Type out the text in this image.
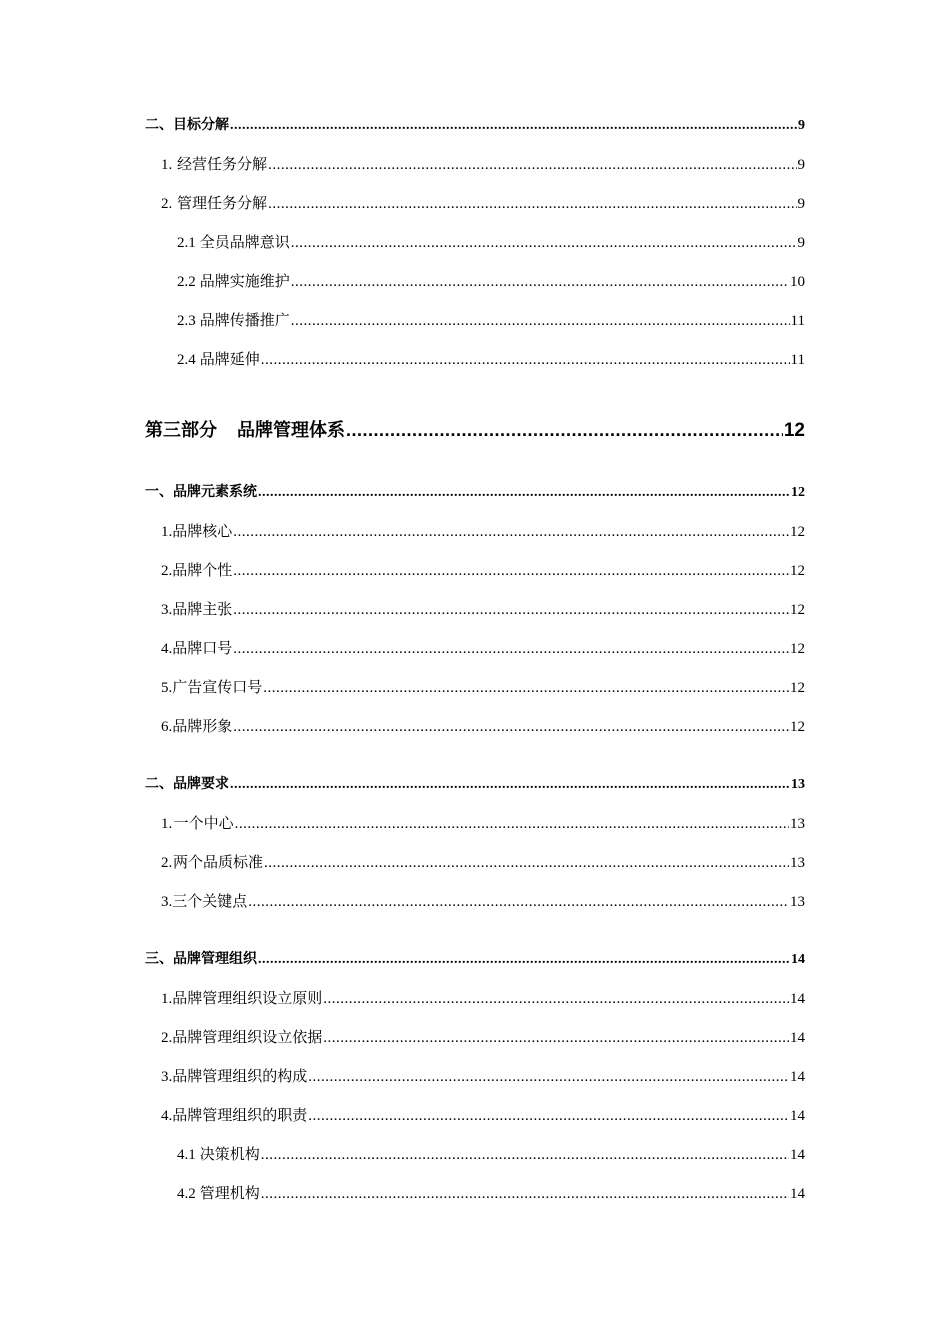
二、 目标分解 .....	9
1. 经营任务分解 .....	9
2. 管理任务分解 .....	9
2.1 全员品牌意识 .....	9
2.2 品牌实施维护 .....	10
2.3 品牌传播推广 .....	11
2.4 品牌延伸 .....	11
第三部分 品牌管理体系 .....	12
一、 品牌元素系统 .....	12
1. 品牌核心 .....	12
2. 品牌个性 .....	12
3. 品牌主张 .....	12
4. 品牌口号 .....	12
5. 广告宣传口号 .....	12
6. 品牌形象 .....	12
二、 品牌要求 .....	13
1. 一个中心 .....	13
2. 两个品质标准 .....	13
3. 三个关键点 .....	13
三、 品牌管理组织 .....	14
1. 品牌管理组织设立原则 .....	14
2. 品牌管理组织设立依据 .....	14
3. 品牌管理组织的构成 .....	14
4. 品牌管理组织的职责 .....	14
4.1 决策机构 .....	14
4.2 管理机构 .....	14
